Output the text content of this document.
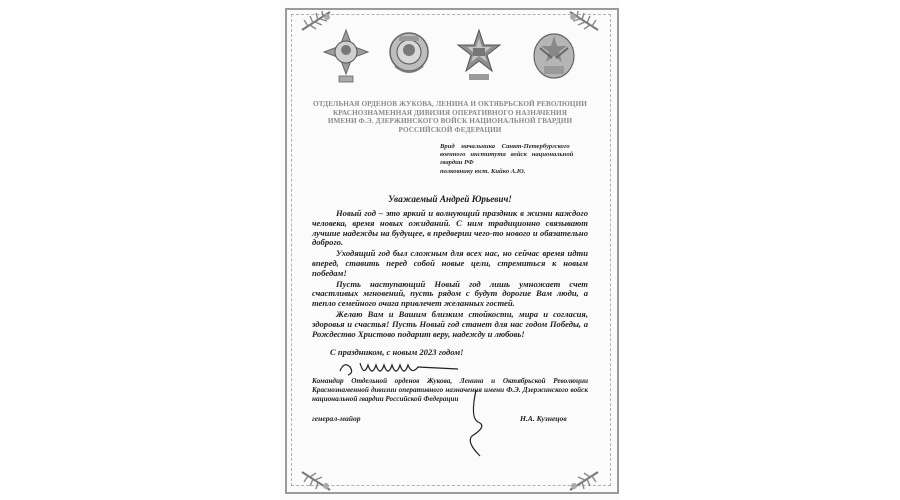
ОТДЕЛЬНАЯ ОРДЕНОВ ЖУКОВА, ЛЕНИНА И ОКТЯБРЬСКОЙ РЕВОЛЮЦИИ
КРАСНОЗНАМЕННАЯ ДИВИЗИЯ ОПЕРАТИВНОГО НАЗНАЧЕНИЯ
ИМЕНИ Ф.Э. ДЗЕРЖИНСКОГО ВОЙСК НАЦИОНАЛЬНОЙ ГВАРДИИ
РОССИЙСКОЙ ФЕДЕРАЦИИ
Врид    начальника    Санкт-Петербургского
военного   института   войск   национальной
гвардии РФ
полковнику юст. Кийко А.Ю.
Уважаемый Андрей Юрьевич!

Новый год – это яркий и волнующий праздник в жизни каждого человека, время новых ожиданий. С ним традиционно связывают лучшие надежды на будущее, в предверии чего-то нового и обязательно доброго.

Уходящий год был сложным для всех нас, но сейчас время идти вперед, ставить перед собой новые цели, стремиться к новым победам!

Пусть наступающий Новый год лишь умножает счет счастливых мгновений, пусть рядом с будут дорогие Вам люди, а тепло семейного очага привлечет желанных гостей.

Желаю Вам и Вашим близким стойкости, мира и согласия, здоровья и счастья! Пусть Новый год станет для нас годом Победы, а Рождество Христово подарит веру, надежду и любовь!

С праздником, с новым 2023 годом!
Командир Отдельной орденов Жукова, Ленина и Октябрьской Революции Краснознаменной дивизии оперативного назначения имени Ф.Э. Дзержинского войск национальной гвардии Российской Федерации
генерал-майор	Н.А. Кузнецов
